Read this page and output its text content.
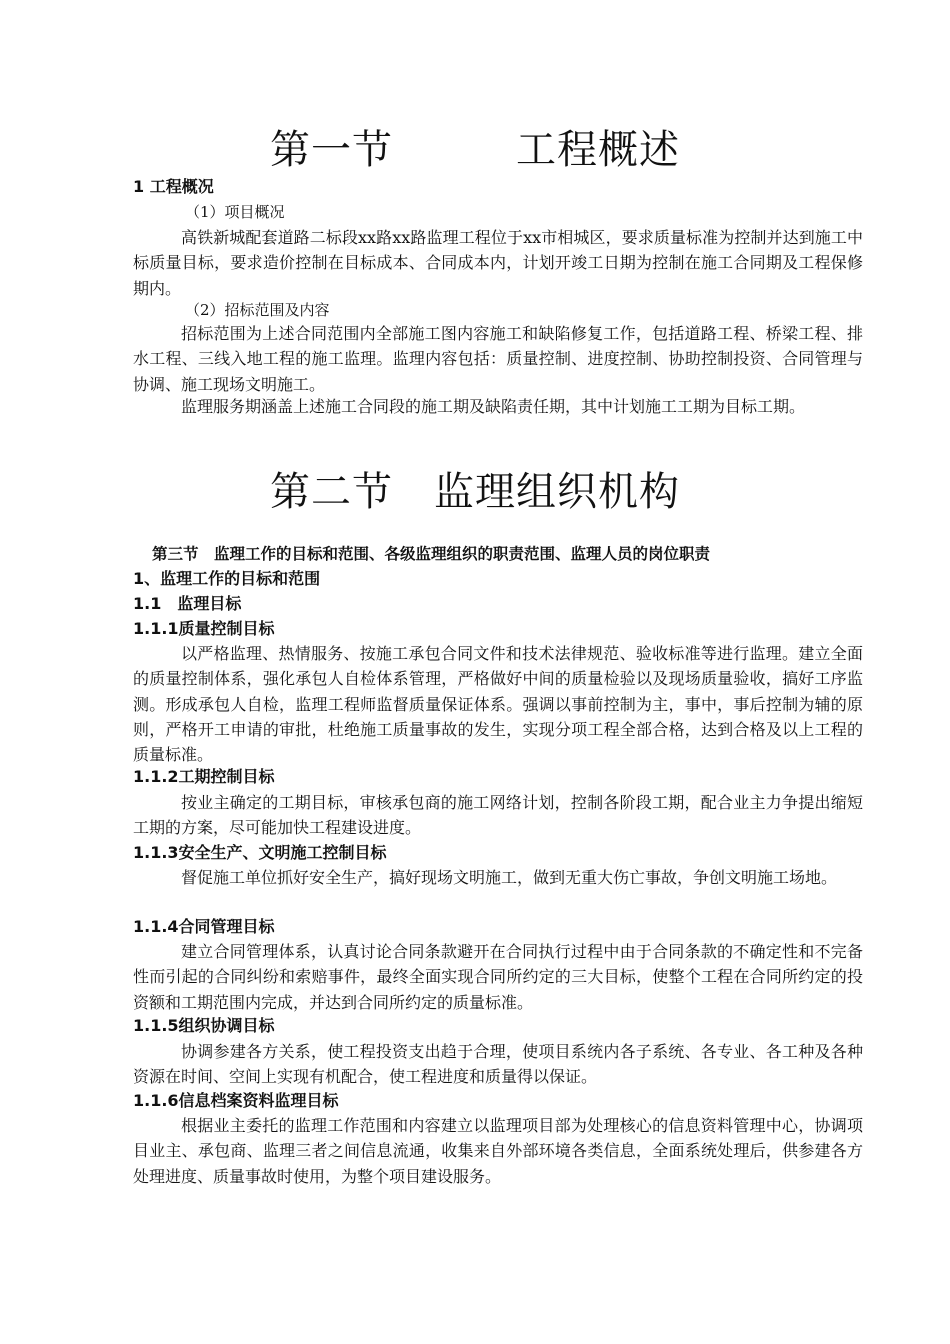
第一节　　　工程概述
1 工程概况
（1）项目概况

高铁新城配套道路二标段xx路xx路监理工程位于xx市相城区，要求质量标准为控制并达到施工中标质量目标，要求造价控制在目标成本、合同成本内，计划开竣工日期为控制在施工合同期及工程保修期内。

（2）招标范围及内容

招标范围为上述合同范围内全部施工图内容施工和缺陷修复工作，包括道路工程、桥梁工程、排水工程、三线入地工程的施工监理。监理内容包括：质量控制、进度控制、协助控制投资、合同管理与协调、施工现场文明施工。

监理服务期涵盖上述施工合同段的施工期及缺陷责任期，其中计划施工工期为目标工期。

第二节　监理组织机构
第三节　监理工作的目标和范围、各级监理组织的职责范围、监理人员的岗位职责
1、监理工作的目标和范围
1.1　监理目标
1.1.1质量控制目标

以严格监理、热情服务、按施工承包合同文件和技术法律规范、验收标准等进行监理。建立全面的质量控制体系，强化承包人自检体系管理，严格做好中间的质量检验以及现场质量验收，搞好工序监测。形成承包人自检，监理工程师监督质量保证体系。强调以事前控制为主，事中，事后控制为辅的原则，严格开工申请的审批，杜绝施工质量事故的发生，实现分项工程全部合格，达到合格及以上工程的质量标准。

1.1.2工期控制目标

按业主确定的工期目标，审核承包商的施工网络计划，控制各阶段工期，配合业主力争提出缩短工期的方案，尽可能加快工程建设进度。

1.1.3安全生产、文明施工控制目标

督促施工单位抓好安全生产，搞好现场文明施工，做到无重大伤亡事故，争创文明施工场地。

1.1.4合同管理目标

建立合同管理体系，认真讨论合同条款避开在合同执行过程中由于合同条款的不确定性和不完备性而引起的合同纠纷和索赔事件，最终全面实现合同所约定的三大目标，使整个工程在合同所约定的投资额和工期范围内完成，并达到合同所约定的质量标准。

1.1.5组织协调目标

协调参建各方关系，使工程投资支出趋于合理，使项目系统内各子系统、各专业、各工种及各种资源在时间、空间上实现有机配合，使工程进度和质量得以保证。

1.1.6信息档案资料监理目标

根据业主委托的监理工作范围和内容建立以监理项目部为处理核心的信息资料管理中心，协调项目业主、承包商、监理三者之间信息流通，收集来自外部环境各类信息，全面系统处理后，供参建各方处理进度、质量事故时使用，为整个项目建设服务。
